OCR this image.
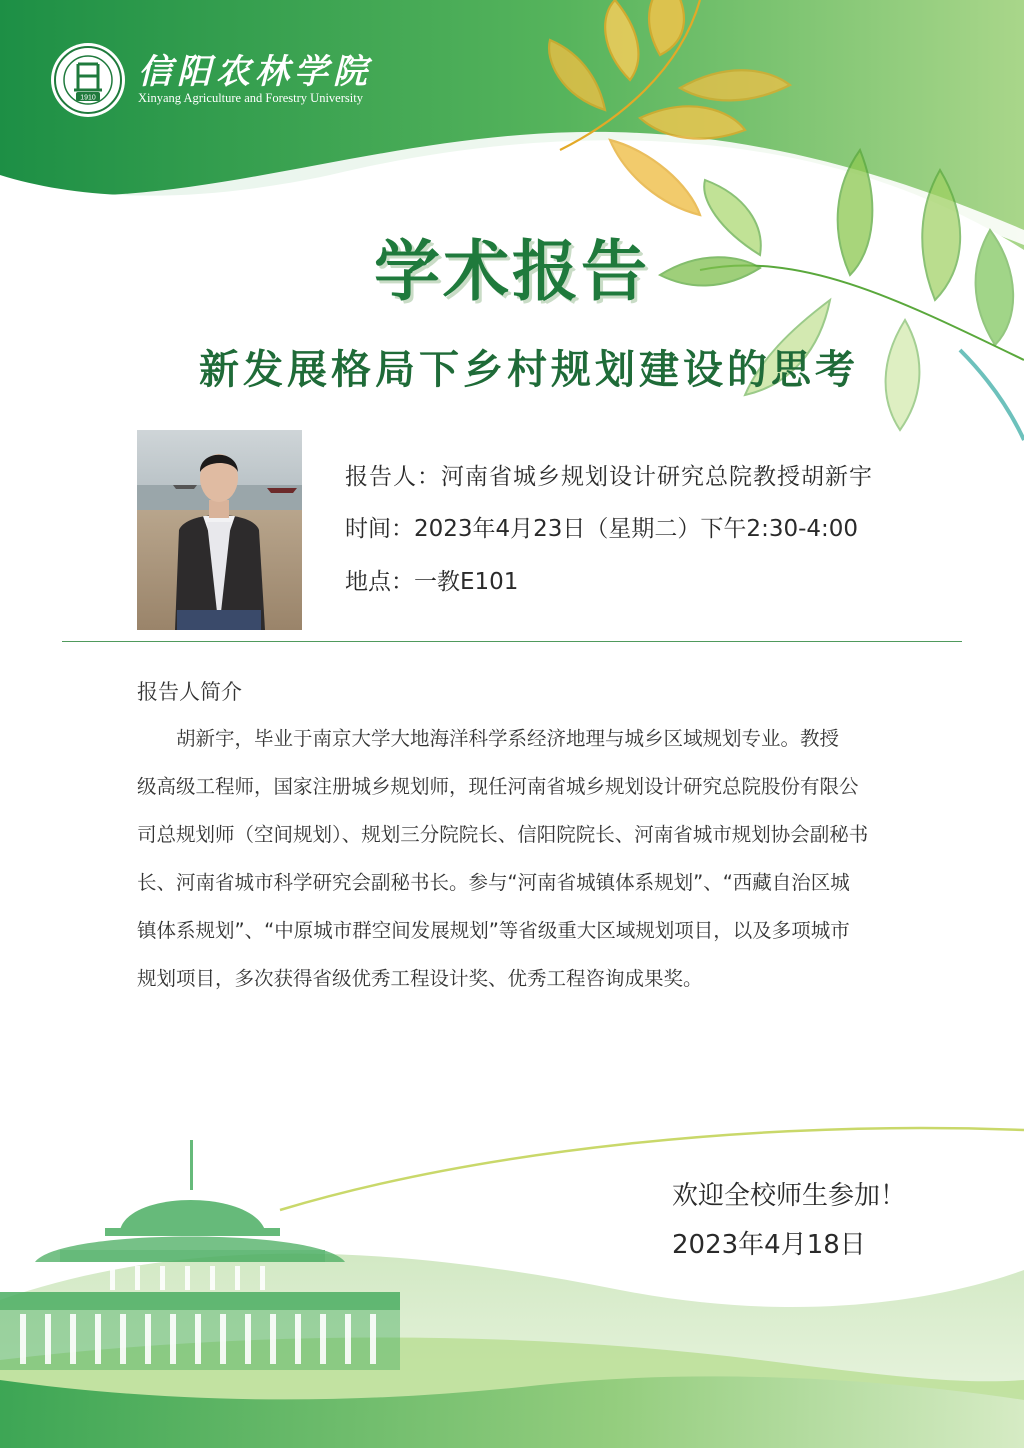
1910
信阳农林学院
Xinyang Agriculture and Forestry University
学术报告
新发展格局下乡村规划建设的思考
报告人：河南省城乡规划设计研究总院教授胡新宇
时间：2023年4月23日（星期二）下午2:30-4:00
地点：一教E101
报告人简介

　　胡新宇，毕业于南京大学大地海洋科学系经济地理与城乡区域规划专业。教授

级高级工程师，国家注册城乡规划师，现任河南省城乡规划设计研究总院股份有限公

司总规划师（空间规划）、规划三分院院长、信阳院院长、河南省城市规划协会副秘书

长、河南省城市科学研究会副秘书长。参与“河南省城镇体系规划”、“西藏自治区城

镇体系规划”、“中原城市群空间发展规划”等省级重大区域规划项目，以及多项城市

规划项目，多次获得省级优秀工程设计奖、优秀工程咨询成果奖。

欢迎全校师生参加！
2023年4月18日
